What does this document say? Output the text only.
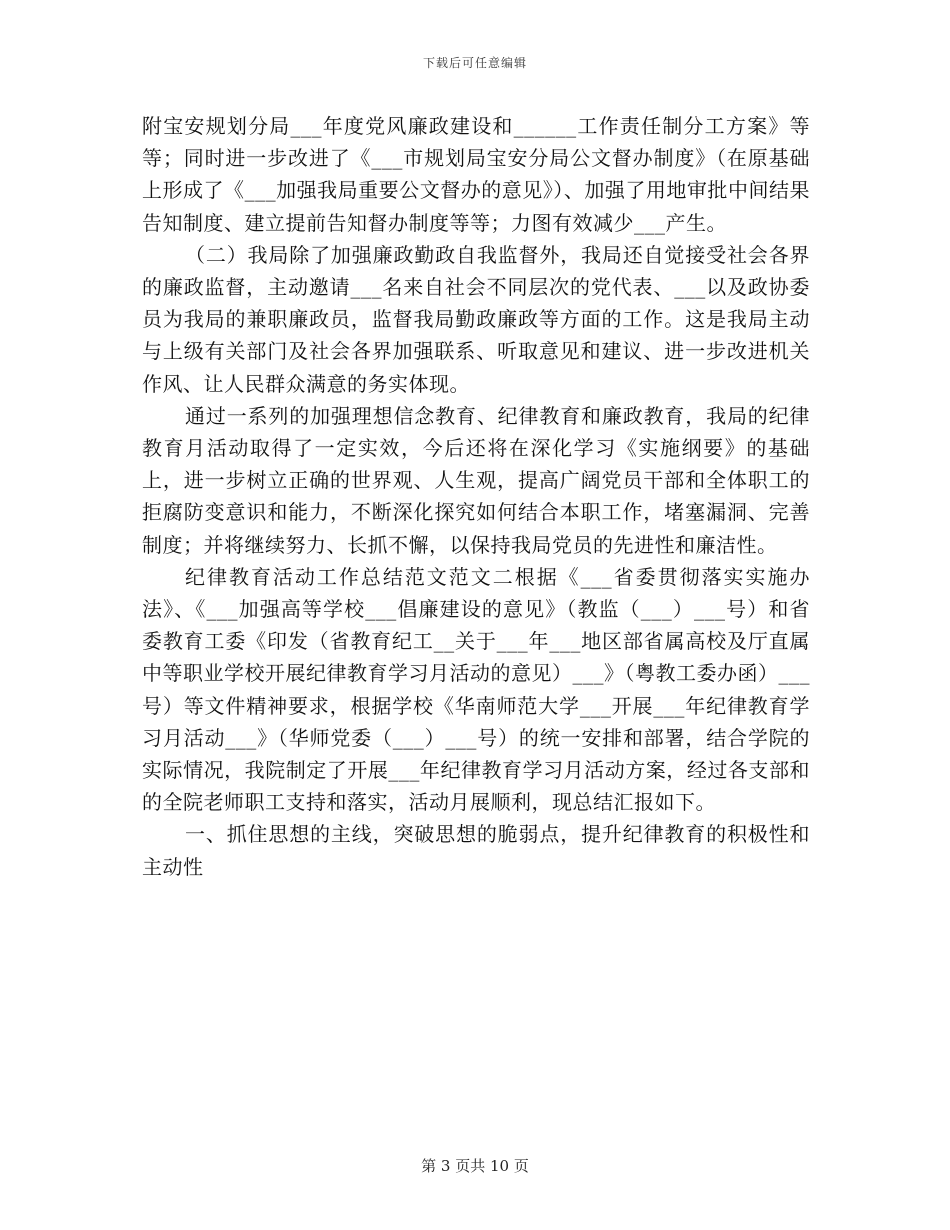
下载后可任意编辑

附宝安规划分局___年度党风廉政建设和______工作责任制分工方案》等等；同时进一步改进了《___市规划局宝安分局公文督办制度》（在原基础上形成了《___加强我局重要公文督办的意见》）、加强了用地审批中间结果告知制度、建立提前告知督办制度等等；力图有效减少___产生。

（二）我局除了加强廉政勤政自我监督外，我局还自觉接受社会各界的廉政监督，主动邀请___名来自社会不同层次的党代表、___以及政协委员为我局的兼职廉政员，监督我局勤政廉政等方面的工作。这是我局主动与上级有关部门及社会各界加强联系、听取意见和建议、进一步改进机关作风、让人民群众满意的务实体现。

通过一系列的加强理想信念教育、纪律教育和廉政教育，我局的纪律教育月活动取得了一定实效，今后还将在深化学习《实施纲要》的基础上，进一步树立正确的世界观、人生观，提高广阔党员干部和全体职工的拒腐防变意识和能力，不断深化探究如何结合本职工作，堵塞漏洞、完善制度；并将继续努力、长抓不懈，以保持我局党员的先进性和廉洁性。

纪律教育活动工作总结范文范文二根据《___省委贯彻落实实施办法》、《___加强高等学校___倡廉建设的意见》（教监（___）___号）和省委教育工委《印发（省教育纪工__关于___年___地区部省属高校及厅直属中等职业学校开展纪律教育学习月活动的意见）___》（粤教工委办函）___号）等文件精神要求，根据学校《华南师范大学___开展___年纪律教育学习月活动___》（华师党委（___）___号）的统一安排和部署，结合学院的实际情况，我院制定了开展___年纪律教育学习月活动方案，经过各支部和的全院老师职工支持和落实，活动月展顺利，现总结汇报如下。

一、抓住思想的主线，突破思想的脆弱点，提升纪律教育的积极性和主动性

第 3 页共 10 页
